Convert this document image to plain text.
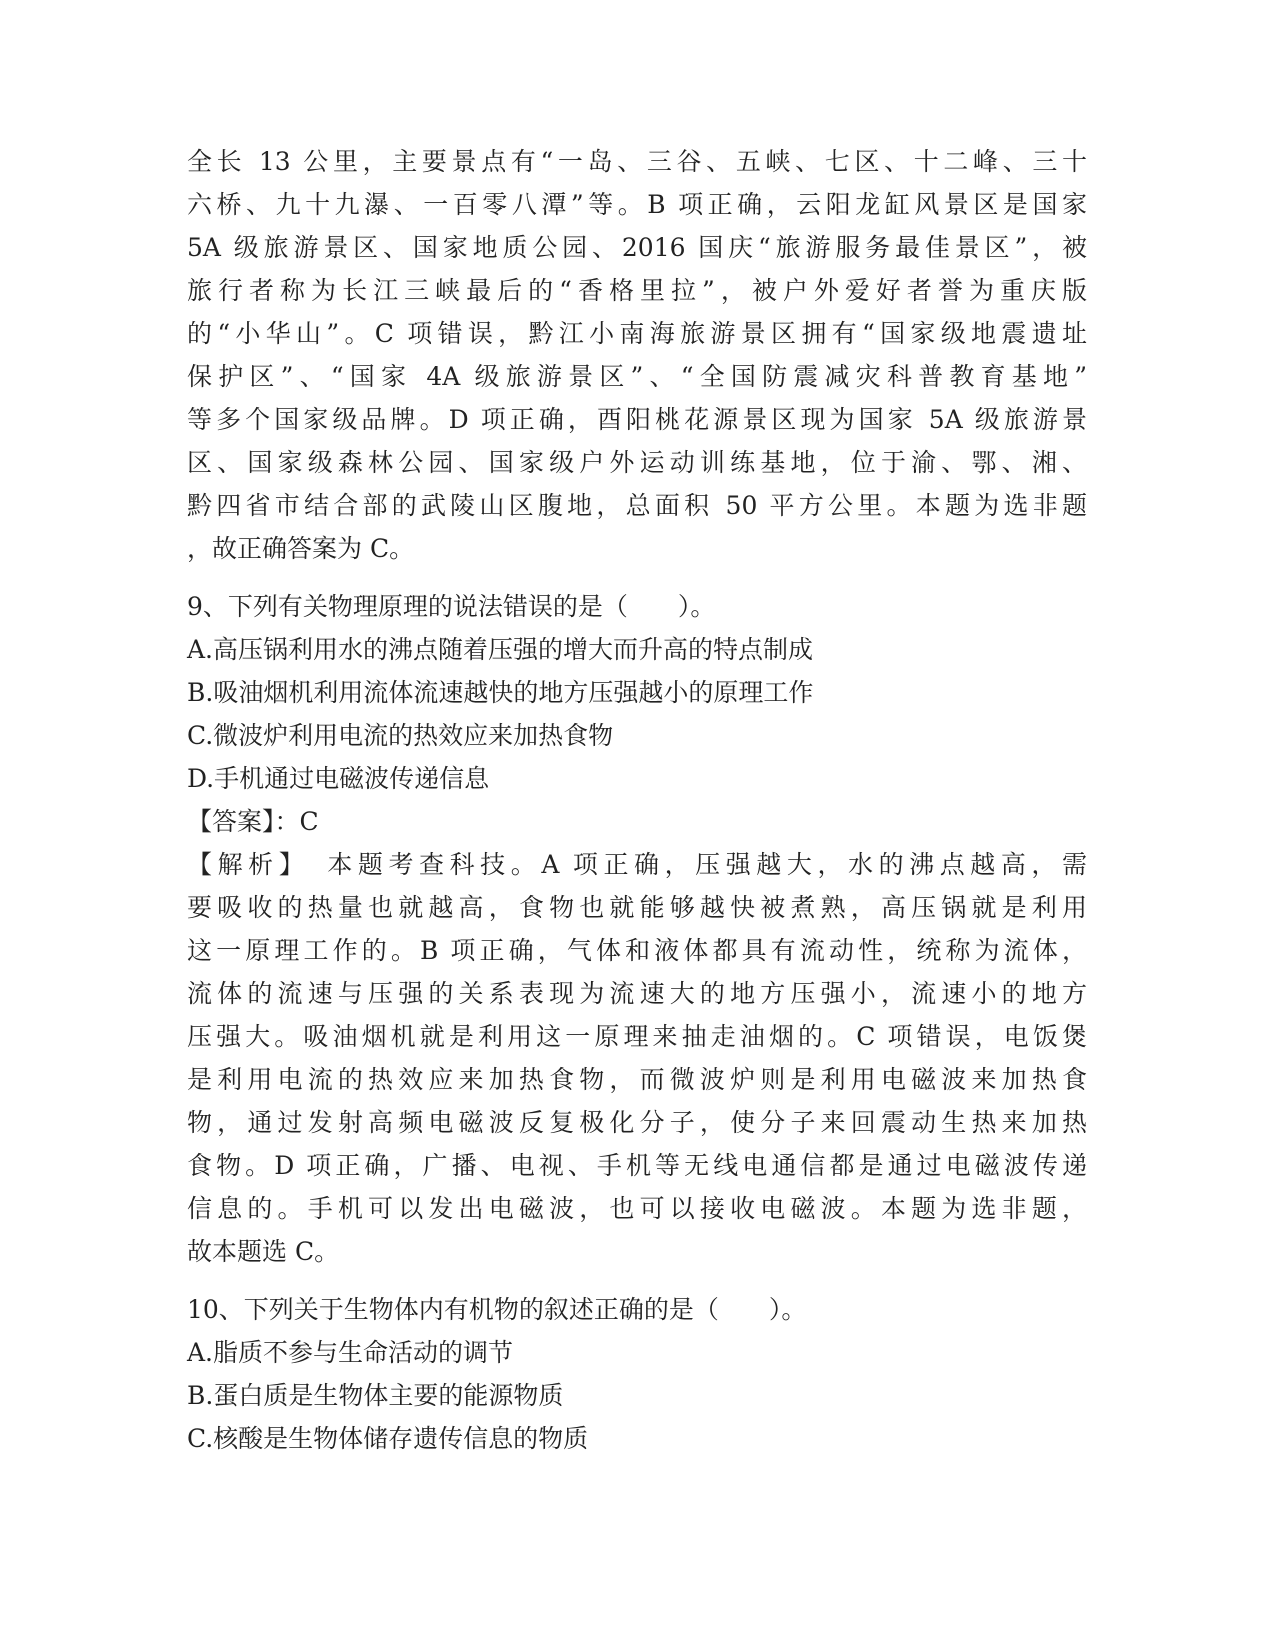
全长 13 公里，主要景点有“一岛、三谷、五峡、七区、十二峰、三十
六桥、九十九瀑、一百零八潭”等。B 项正确，云阳龙缸风景区是国家
5A 级旅游景区、国家地质公园、2016 国庆“旅游服务最佳景区”，被
旅行者称为长江三峡最后的“香格里拉”，被户外爱好者誉为重庆版
的“小华山”。C 项错误，黔江小南海旅游景区拥有“国家级地震遗址
保护区”、“国家 4A 级旅游景区”、“全国防震减灾科普教育基地”
等多个国家级品牌。D 项正确，酉阳桃花源景区现为国家 5A 级旅游景
区、国家级森林公园、国家级户外运动训练基地，位于渝、鄂、湘、
黔四省市结合部的武陵山区腹地，总面积 50 平方公里。本题为选非题
，故正确答案为 C。
9、下列有关物理原理的说法错误的是（　　）。
A.高压锅利用水的沸点随着压强的增大而升高的特点制成
B.吸油烟机利用流体流速越快的地方压强越小的原理工作
C.微波炉利用电流的热效应来加热食物
D.手机通过电磁波传递信息
【答案】：C
【解析】　本题考查科技。A 项正确，压强越大，水的沸点越高，需
要吸收的热量也就越高，食物也就能够越快被煮熟，高压锅就是利用
这一原理工作的。B 项正确，气体和液体都具有流动性，统称为流体，
流体的流速与压强的关系表现为流速大的地方压强小，流速小的地方
压强大。吸油烟机就是利用这一原理来抽走油烟的。C 项错误，电饭煲
是利用电流的热效应来加热食物，而微波炉则是利用电磁波来加热食
物，通过发射高频电磁波反复极化分子，使分子来回震动生热来加热
食物。D 项正确，广播、电视、手机等无线电通信都是通过电磁波传递
信息的。手机可以发出电磁波，也可以接收电磁波。本题为选非题，
故本题选 C。
10、下列关于生物体内有机物的叙述正确的是（　　）。
A.脂质不参与生命活动的调节
B.蛋白质是生物体主要的能源物质
C.核酸是生物体储存遗传信息的物质
